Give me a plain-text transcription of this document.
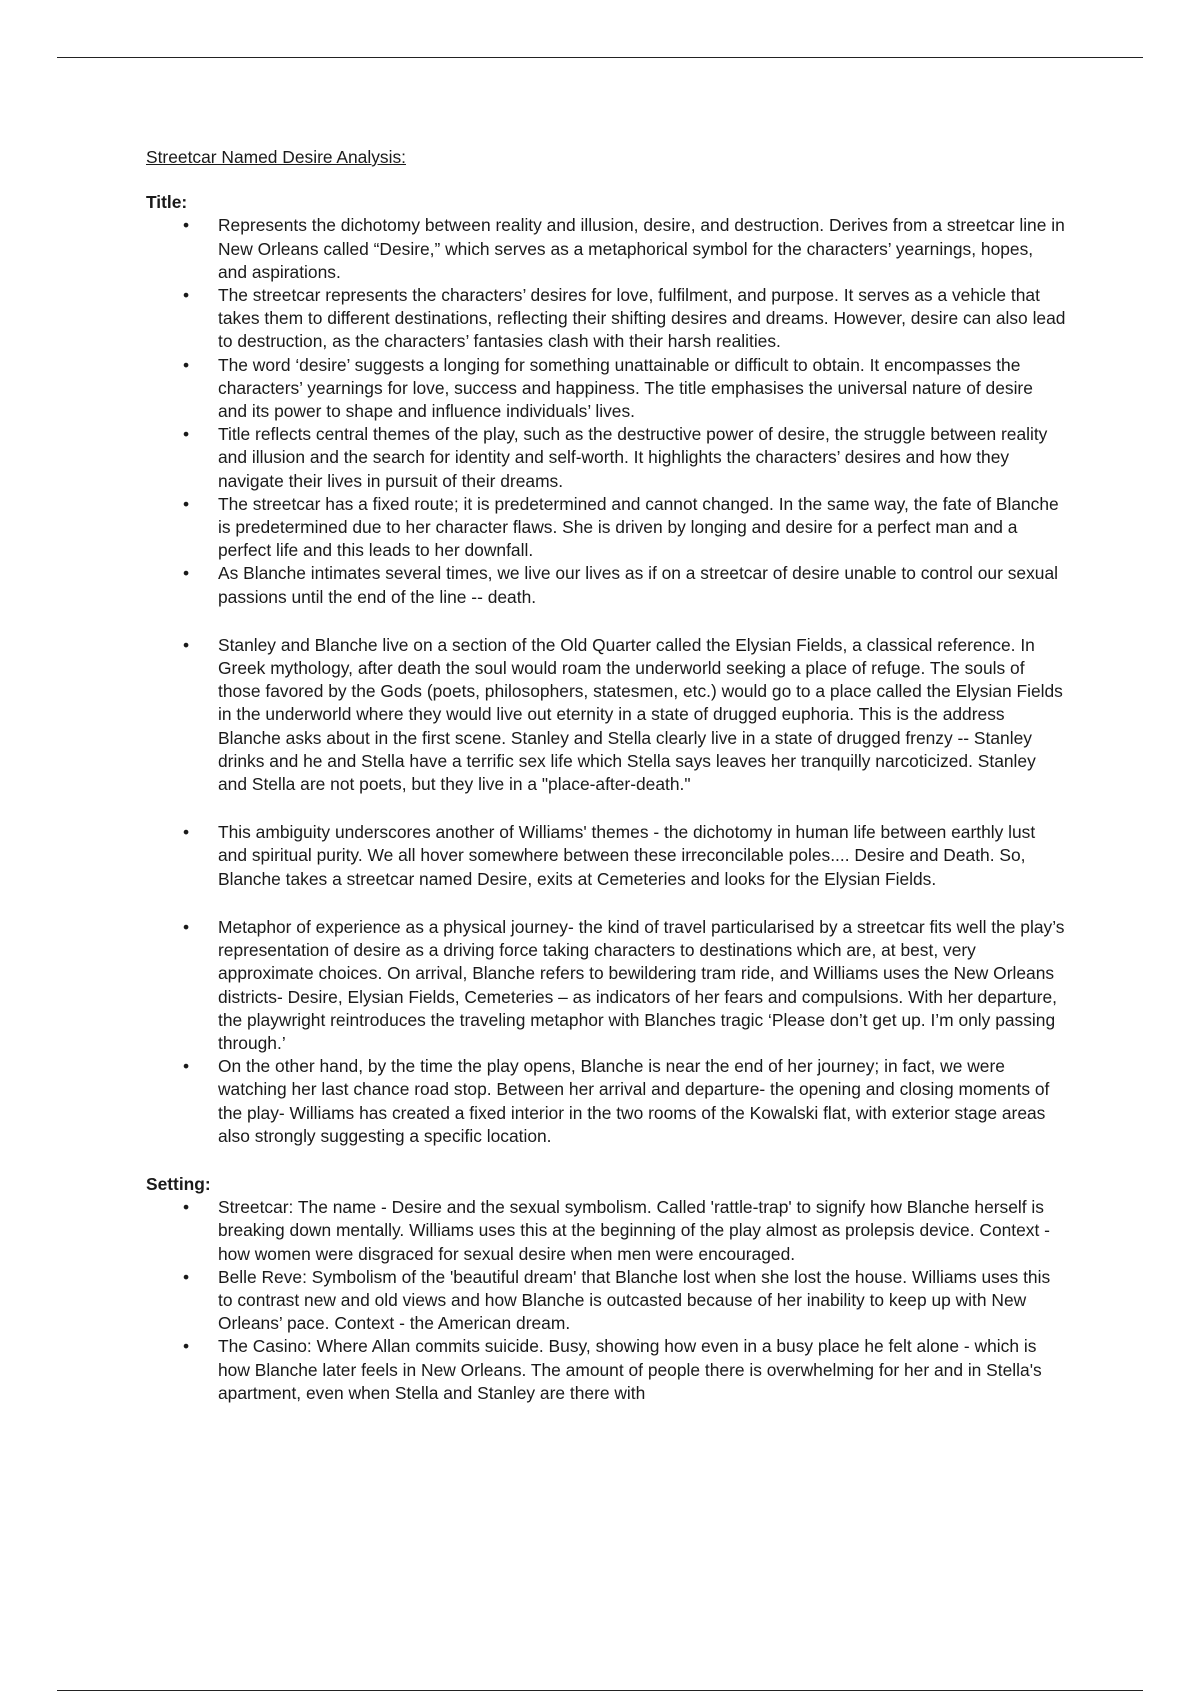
Streetcar Named Desire Analysis:
Title:
• Represents the dichotomy between reality and illusion, desire, and destruction. Derives from a streetcar line in New Orleans called “Desire,” which serves as a metaphorical symbol for the characters’ yearnings, hopes, and aspirations.
• The streetcar represents the characters’ desires for love, fulfilment, and purpose. It serves as a vehicle that takes them to different destinations, reflecting their shifting desires and dreams. However, desire can also lead to destruction, as the characters’ fantasies clash with their harsh realities.
• The word ‘desire’ suggests a longing for something unattainable or difficult to obtain. It encompasses the characters’ yearnings for love, success and happiness. The title emphasises the universal nature of desire and its power to shape and influence individuals’ lives.
• Title reflects central themes of the play, such as the destructive power of desire, the struggle between reality and illusion and the search for identity and self-worth. It highlights the characters’ desires and how they navigate their lives in pursuit of their dreams.
• The streetcar has a fixed route; it is predetermined and cannot changed. In the same way, the fate of Blanche is predetermined due to her character flaws. She is driven by longing and desire for a perfect man and a perfect life and this leads to her downfall.
• As Blanche intimates several times, we live our lives as if on a streetcar of desire unable to control our sexual passions until the end of the line -- death.
• Stanley and Blanche live on a section of the Old Quarter called the Elysian Fields, a classical reference. In Greek mythology, after death the soul would roam the underworld seeking a place of refuge. The souls of those favored by the Gods (poets, philosophers, statesmen, etc.) would go to a place called the Elysian Fields in the underworld where they would live out eternity in a state of drugged euphoria. This is the address Blanche asks about in the first scene. Stanley and Stella clearly live in a state of drugged frenzy -- Stanley drinks and he and Stella have a terrific sex life which Stella says leaves her tranquilly narcoticized. Stanley and Stella are not poets, but they live in a "place-after-death."
• This ambiguity underscores another of Williams' themes - the dichotomy in human life between earthly lust and spiritual purity. We all hover somewhere between these irreconcilable poles.... Desire and Death. So, Blanche takes a streetcar named Desire, exits at Cemeteries and looks for the Elysian Fields.
• Metaphor of experience as a physical journey- the kind of travel particularised by a streetcar fits well the play’s representation of desire as a driving force taking characters to destinations which are, at best, very approximate choices. On arrival, Blanche refers to bewildering tram ride, and Williams uses the New Orleans districts- Desire, Elysian Fields, Cemeteries – as indicators of her fears and compulsions. With her departure, the playwright reintroduces the traveling metaphor with Blanches tragic ‘Please don’t get up. I’m only passing through.’
• On the other hand, by the time the play opens, Blanche is near the end of her journey; in fact, we were watching her last chance road stop. Between her arrival and departure- the opening and closing moments of the play- Williams has created a fixed interior in the two rooms of the Kowalski flat, with exterior stage areas also strongly suggesting a specific location.
Setting:
• Streetcar: The name - Desire and the sexual symbolism. Called 'rattle-trap' to signify how Blanche herself is breaking down mentally. Williams uses this at the beginning of the play almost as prolepsis device. Context - how women were disgraced for sexual desire when men were encouraged.
• Belle Reve: Symbolism of the 'beautiful dream' that Blanche lost when she lost the house. Williams uses this to contrast new and old views and how Blanche is outcasted because of her inability to keep up with New Orleans’ pace. Context - the American dream.
• The Casino: Where Allan commits suicide. Busy, showing how even in a busy place he felt alone - which is how Blanche later feels in New Orleans. The amount of people there is overwhelming for her and in Stella's apartment, even when Stella and Stanley are there with
